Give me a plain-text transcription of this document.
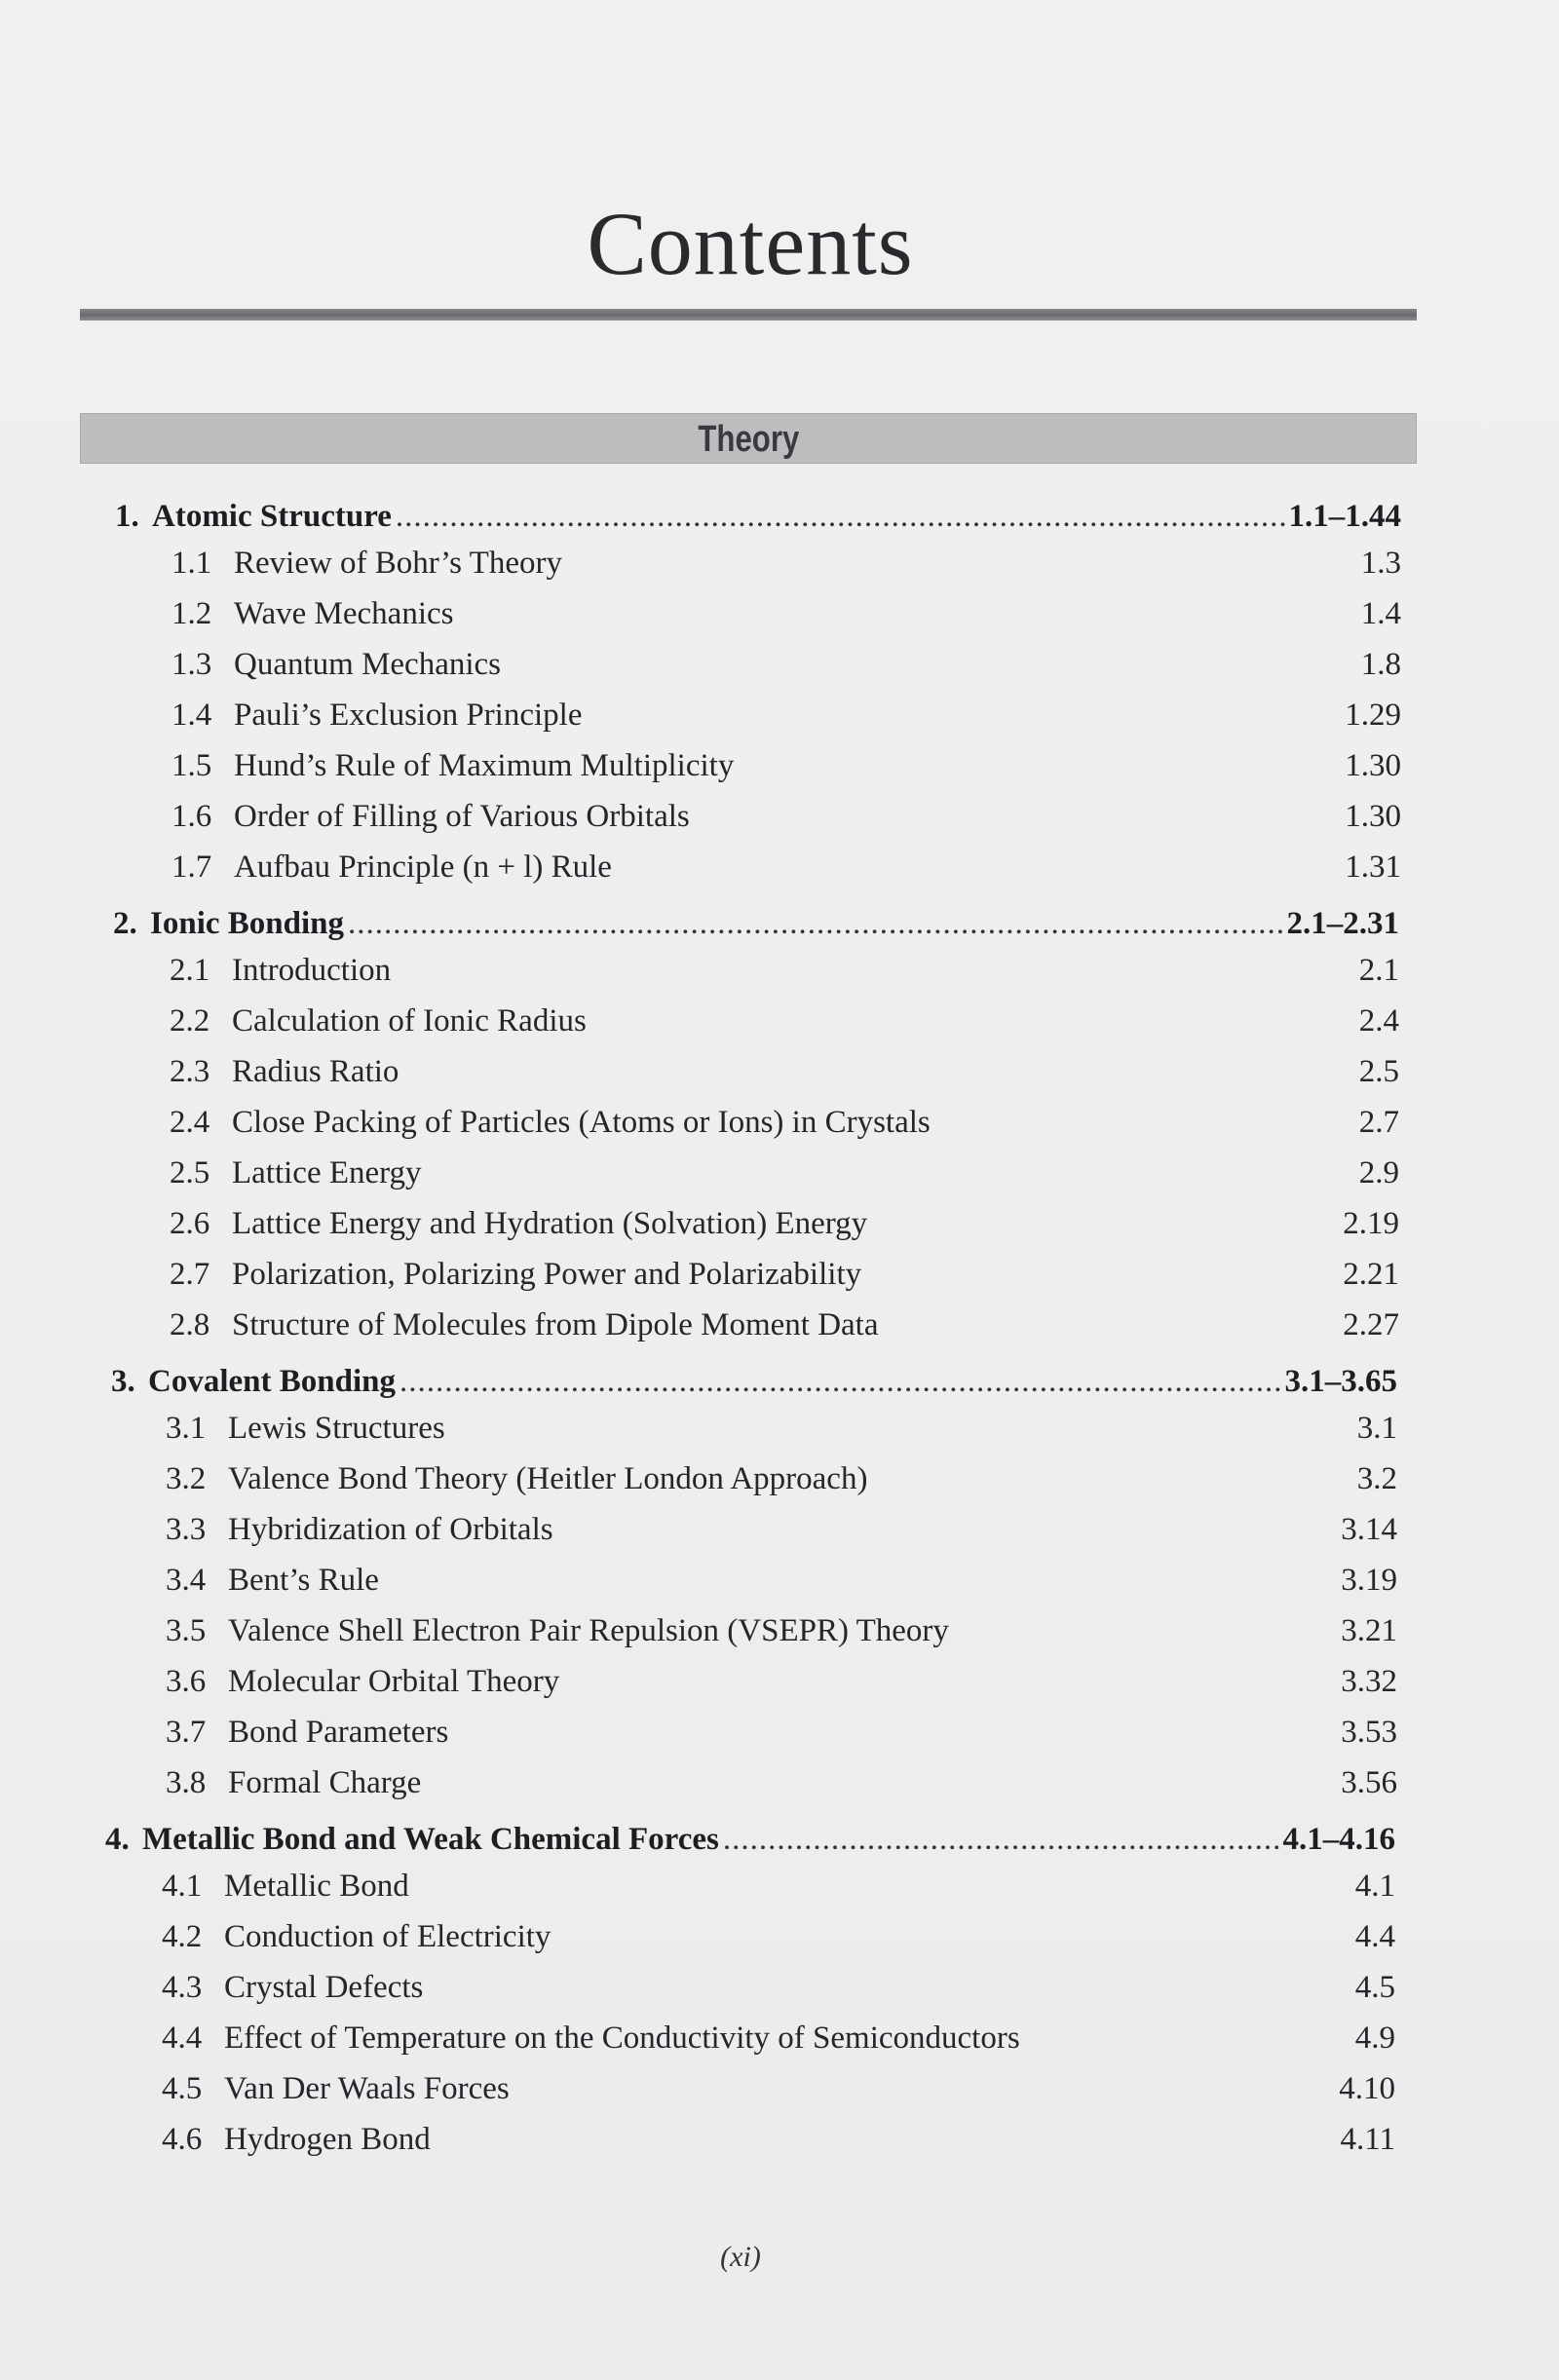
Contents
Theory
1. Atomic Structure .....	1.1–1.44
1.1 Review of Bohr’s Theory	1.3
1.2 Wave Mechanics	1.4
1.3 Quantum Mechanics	1.8
1.4 Pauli’s Exclusion Principle	1.29
1.5 Hund’s Rule of Maximum Multiplicity	1.30
1.6 Order of Filling of Various Orbitals	1.30
1.7 Aufbau Principle (n + l) Rule	1.31
2. Ionic Bonding .....	2.1–2.31
2.1 Introduction	2.1
2.2 Calculation of Ionic Radius	2.4
2.3 Radius Ratio	2.5
2.4 Close Packing of Particles (Atoms or Ions) in Crystals	2.7
2.5 Lattice Energy	2.9
2.6 Lattice Energy and Hydration (Solvation) Energy	2.19
2.7 Polarization, Polarizing Power and Polarizability	2.21
2.8 Structure of Molecules from Dipole Moment Data	2.27
3. Covalent Bonding .....	3.1–3.65
3.1 Lewis Structures	3.1
3.2 Valence Bond Theory (Heitler London Approach)	3.2
3.3 Hybridization of Orbitals	3.14
3.4 Bent’s Rule	3.19
3.5 Valence Shell Electron Pair Repulsion (VSEPR) Theory	3.21
3.6 Molecular Orbital Theory	3.32
3.7 Bond Parameters	3.53
3.8 Formal Charge	3.56
4. Metallic Bond and Weak Chemical Forces .....	4.1–4.16
4.1 Metallic Bond	4.1
4.2 Conduction of Electricity	4.4
4.3 Crystal Defects	4.5
4.4 Effect of Temperature on the Conductivity of Semiconductors	4.9
4.5 Van Der Waals Forces	4.10
4.6 Hydrogen Bond	4.11
(xi)
